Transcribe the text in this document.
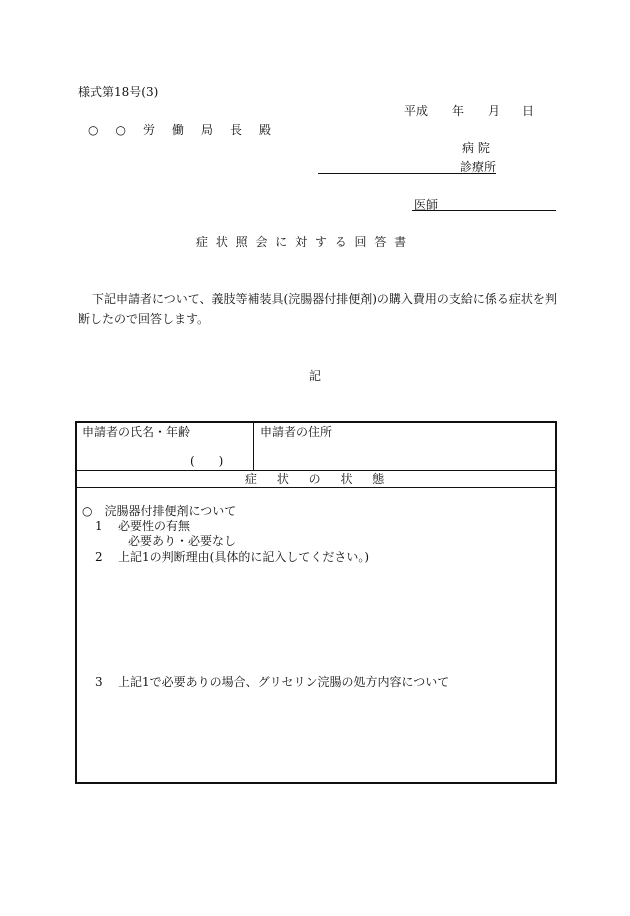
様式第18号(3)
平成 年 月 日
○ ○ 労 働 局 長 殿
病 院
診療所
医師
症 状 照 会 に 対 す る 回 答 書
下記申請者について、義肢等補装具(浣腸器付排便剤)の購入費用の支給に係る症状を判
断したので回答します。
記
申請者の氏名・年齢
(　　)
申請者の住所
症 状 の 状 態
○　浣腸器付排便剤について
1 必要性の有無
必要あり・必要なし
2 上記1の判断理由(具体的に記入してください。)
3 上記1で必要ありの場合、グリセリン浣腸の処方内容について
